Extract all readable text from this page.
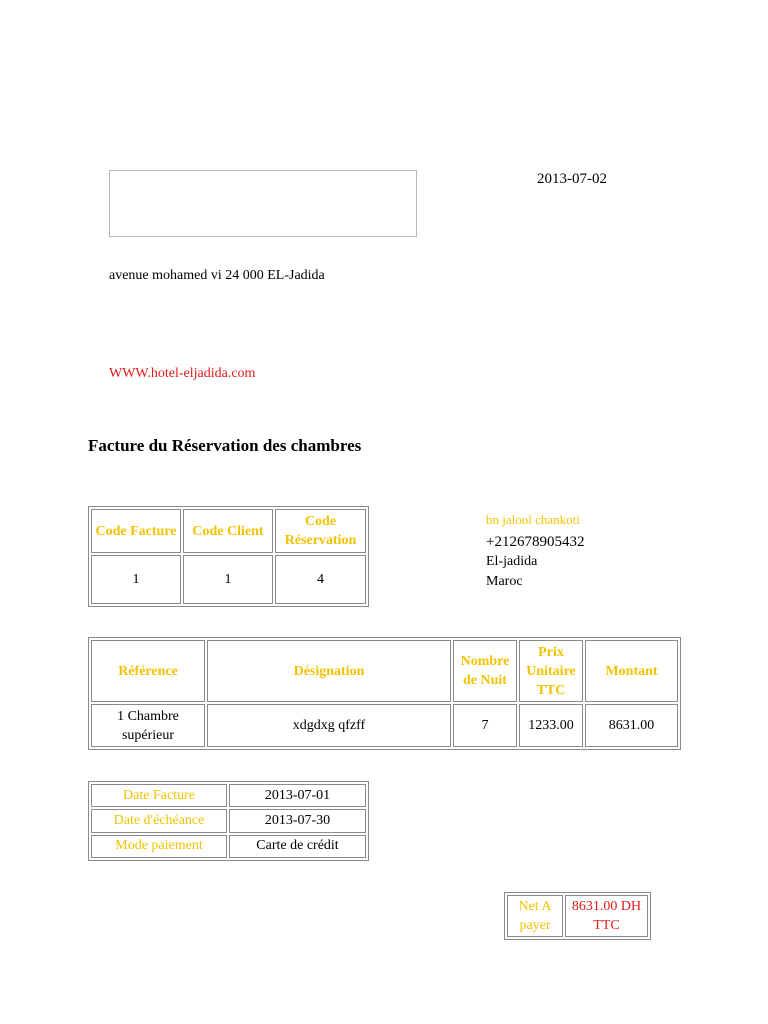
2013-07-02
avenue mohamed vi 24 000 EL-Jadida
WWW.hotel-eljadida.com
Facture du Réservation des chambres
Code Facture	Code Client	Code Réservation
1	1	4
bn jalool chankoti
+212678905432
El-jadida
Maroc
Référence	Désignation	Nombre de Nuit	Prix Unitaire TTC	Montant
1 Chambre supérieur	xdgdxg qfzff	7	1233.00	8631.00
Date Facture	2013-07-01
Date d'échéance	2013-07-30
Mode paiement	Carte de crédit
Net A payer	8631.00 DH TTC
